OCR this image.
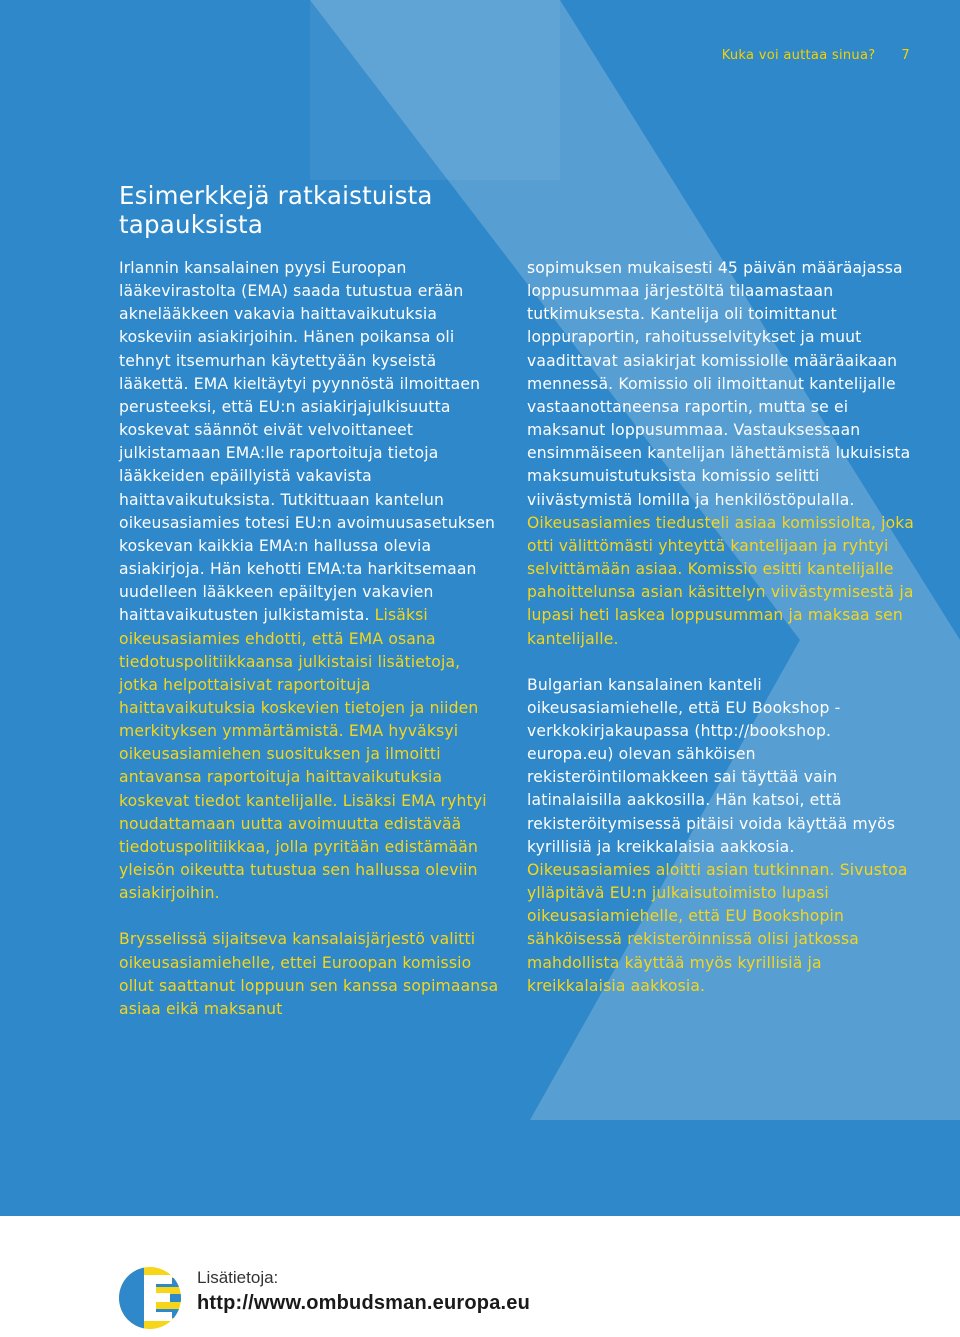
Kuka voi auttaa sinua? 7
Esimerkkejä ratkaistuista tapauksista

Irlannin kansalainen pyysi Euroopan lääkevirastolta (EMA) saada tutustua erään aknelääkkeen vakavia haittavaikutuksia koskeviin asiakirjoihin. Hänen poikansa oli tehnyt itsemurhan käytettyään kyseistä lääkettä. EMA kieltäytyi pyynnöstä ilmoittaen perusteeksi, että EU:n asiakirjajulkisuutta koskevat säännöt eivät velvoittaneet julkistamaan EMA:lle raportoituja tietoja lääkkeiden epäillyistä vakavista haittavaikutuksista. Tutkittuaan kantelun oikeusasiamies totesi EU:n avoimuusasetuksen koskevan kaikkia EMA:n hallussa olevia asiakirjoja. Hän kehotti EMA:ta harkitsemaan uudelleen lääkkeen epäiltyjen vakavien haittavaikutusten julkistamista. Lisäksi oikeusasiamies ehdotti, että EMA osana tiedotuspolitiikkaansa julkistaisi lisätietoja, jotka helpottaisivat raportoituja haittavaikutuksia koskevien tietojen ja niiden merkityksen ymmärtämistä. EMA hyväksyi oikeusasiamiehen suosituksen ja ilmoitti antavansa raportoituja haittavaikutuksia koskevat tiedot kantelijalle. Lisäksi EMA ryhtyi noudattamaan uutta avoimuutta edistävää tiedotuspolitiikkaa, jolla pyritään edistämään yleisön oikeutta tutustua sen hallussa oleviin asiakirjoihin.

Brysselissä sijaitseva kansalaisjärjestö valitti oikeusasiamiehelle, ettei Euroopan komissio ollut saattanut loppuun sen kanssa sopimaansa asiaa eikä maksanut

sopimuksen mukaisesti 45 päivän määräajassa loppusummaa järjestöltä tilaamastaan tutkimuksesta. Kantelija oli toimittanut loppuraportin, rahoitusselvitykset ja muut vaadittavat asiakirjat komissiolle määräaikaan mennessä. Komissio oli ilmoittanut kantelijalle vastaanottaneensa raportin, mutta se ei maksanut loppusummaa. Vastauksessaan ensimmäiseen kantelijan lähettämistä lukuisista maksumuistutuksista komissio selitti viivästymistä lomilla ja henkilöstöpulalla. Oikeusasiamies tiedusteli asiaa komissiolta, joka otti välittömästi yhteyttä kantelijaan ja ryhtyi selvittämään asiaa. Komissio esitti kantelijalle pahoittelunsa asian käsittelyn viivästymisestä ja lupasi heti laskea loppusumman ja maksaa sen kantelijalle.

Bulgarian kansalainen kanteli oikeusasiamiehelle, että EU Bookshop -verkkokirjakaupassa (http://bookshop. europa.eu) olevan sähköisen rekisteröintilomakkeen sai täyttää vain latinalaisilla aakkosilla. Hän katsoi, että rekisteröitymisessä pitäisi voida käyttää myös kyrillisiä ja kreikkalaisia aakkosia. Oikeusasiamies aloitti asian tutkinnan. Sivustoa ylläpitävä EU:n julkaisutoimisto lupasi oikeusasiamiehelle, että EU Bookshopin sähköisessä rekisteröinnissä olisi jatkossa mahdollista käyttää myös kyrillisiä ja kreikkalaisia aakkosia.

Lisätietoja:
http://www.ombudsman.europa.eu
